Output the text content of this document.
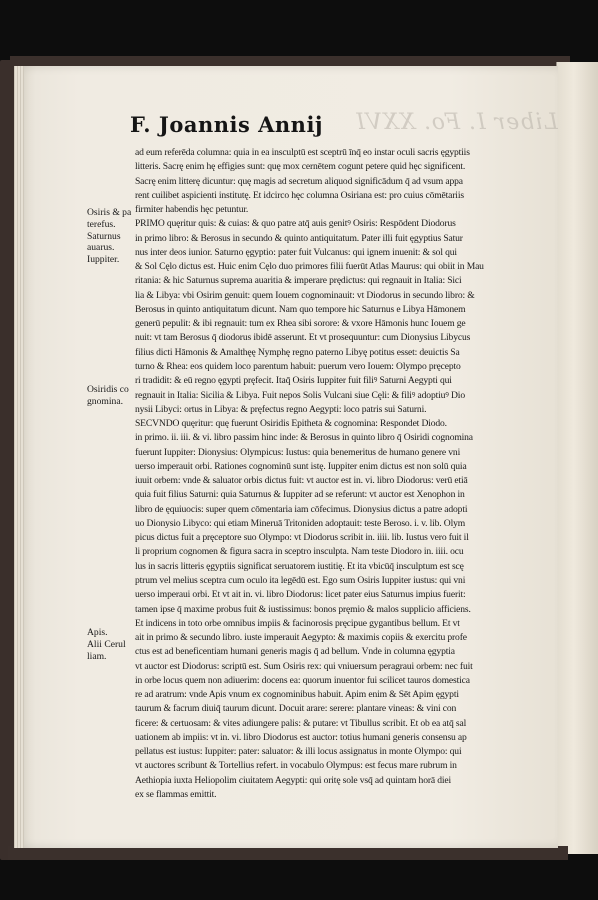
Liber I. Fo. XXVI
F. Joannis Annij
Osiris & pa
terefus.
Saturnus
auarus.
Iuppiter.
Osiridis co
gnomina.
Apis.
Alii Cerul
liam.
ad eum referēda columna: quia in ea insculptū est sceptrū īnq̄ eo instar oculi sacris ęgyptiis
litteris. Sacrę enim hę effigies sunt: quę mox cernētem cogunt petere quid hęc significent.
Sacrę enim litterę dicuntur: quę magis ad secretum aliquod significādum q̄ ad vsum appa
rent cuilibet aspicienti institutę. Et idcirco hęc columna Osiriana est: pro cuius cōmētariis
firmiter habendis hęc petuntur.
PRIMO quęritur quis: & cuias: & quo patre atq̄ auis genitꝰ Osiris: Respōdent Diodorus
in primo libro: & Berosus in secundo & quinto antiquitatum. Pater illi fuit ęgyptius Satur
nus inter deos iunior. Saturno ęgyptio: pater fuit Vulcanus: qui ignem inuenit: & sol qui
& Sol Cęlo dictus est. Huic enim Cęlo duo primores filii fuerūt Atlas Maurus: qui obiit in Mau
ritania: & hic Saturnus suprema auaritia & imperare prędictus: qui regnauit in Italia: Sici
lia & Libya: vbi Osirim genuit: quem Iouem cognominauit: vt Diodorus in secundo libro: &
Berosus in quinto antiquitatum dicunt. Nam quo tempore hic Saturnus e Libya Hāmonem
generū pepulit: & ibi regnauit: tum ex Rhea sibi sorore: & vxore Hāmonis hunc Iouem ge
nuit: vt tam Berosus q̄ diodorus ibidē asserunt. Et vt prosequuntur: cum Dionysius Libycus
filius dicti Hāmonis & Amalthęę Nymphę regno paterno Libyę potitus esset: deuictis Sa
turno & Rhea: eos quidem loco parentum habuit: puerum vero Iouem: Olympo pręcepto
ri tradidit: & eū regno ęgypti pręfecit. Itaq̄ Osiris Iuppiter fuit filiꝰ Saturni Aegypti qui
regnauit in Italia: Sicilia & Libya. Fuit nepos Solis Vulcani siue Cęli: & filiꝰ adoptiuꝰ Dio
nysii Libyci: ortus in Libya: & pręfectus regno Aegypti: loco patris sui Saturni.
SECVNDO quęritur: quę fuerunt Osiridis Epitheta & cognomina: Respondet Diodo.
in primo. ii. iii. & vi. libro passim hinc inde: & Berosus in quinto libro q̄ Osiridi cognomina
fuerunt Iuppiter: Dionysius: Olympicus: Iustus: quia benemeritus de humano genere vni
uerso imperauit orbi. Rationes cognominū sunt istę. Iuppiter enim dictus est non solū quia
iuuit orbem: vnde & saluator orbis dictus fuit: vt auctor est in. vi. libro Diodorus: verū etiā
quia fuit filius Saturni: quia Saturnus & Iuppiter ad se referunt: vt auctor est Xenophon in
libro de ęquiuocis: super quem cōmentaria iam cōfecimus. Dionysius dictus a patre adopti
uo Dionysio Libyco: qui etiam Mineruā Tritoniden adoptauit: teste Beroso. i. v. lib. Olym
picus dictus fuit a pręceptore suo Olympo: vt Diodorus scribit in. iiii. lib. Iustus vero fuit il
li proprium cognomen & figura sacra in sceptro insculpta. Nam teste Diodoro in. iiii. ocu
lus in sacris litteris ęgyptiis significat seruatorem iustitię. Et ita vbicūq̄ insculptum est scę
ptrum vel melius sceptra cum oculo ita legēdū est. Ego sum Osiris Iuppiter iustus: qui vni
uerso imperaui orbi. Et vt ait in. vi. libro Diodorus: licet pater eius Saturnus impius fuerit:
tamen ipse q̄ maxime probus fuit & iustissimus: bonos pręmio & malos supplicio afficiens.
Et indicens in toto orbe omnibus impiis & facinorosis pręcipue gygantibus bellum. Et vt
ait in primo & secundo libro. iuste imperauit Aegypto: & maximis copiis & exercitu profe
ctus est ad beneficentiam humani generis magis q̄ ad bellum. Vnde in columna ęgyptia
vt auctor est Diodorus: scriptū est. Sum Osiris rex: qui vniuersum peragraui orbem: nec fuit
in orbe locus quem non adiuerim: docens ea: quorum inuentor fui scilicet tauros domestica
re ad aratrum: vnde Apis vnum ex cognominibus habuit. Apim enim & Sēt Apim ęgypti
taurum & facrum diuiq̄ taurum dicunt. Docuit arare: serere: plantare vineas: & vini con
ficere: & certuosam: & vites adiungere palis: & putare: vt Tibullus scribit. Et ob ea atq̄ sal
uationem ab impiis: vt in. vi. libro Diodorus est auctor: totius humani generis consensu ap
pellatus est iustus: Iuppiter: pater: saluator: & illi locus assignatus in monte Olympo: qui
vt auctores scribunt & Tortellius refert. in vocabulo Olympus: est fecus mare rubrum in
Aethiopia iuxta Heliopolim ciuitatem Aegypti: qui oritę sole vsq̄ ad quintam horā diei
ex se flammas emittit.
